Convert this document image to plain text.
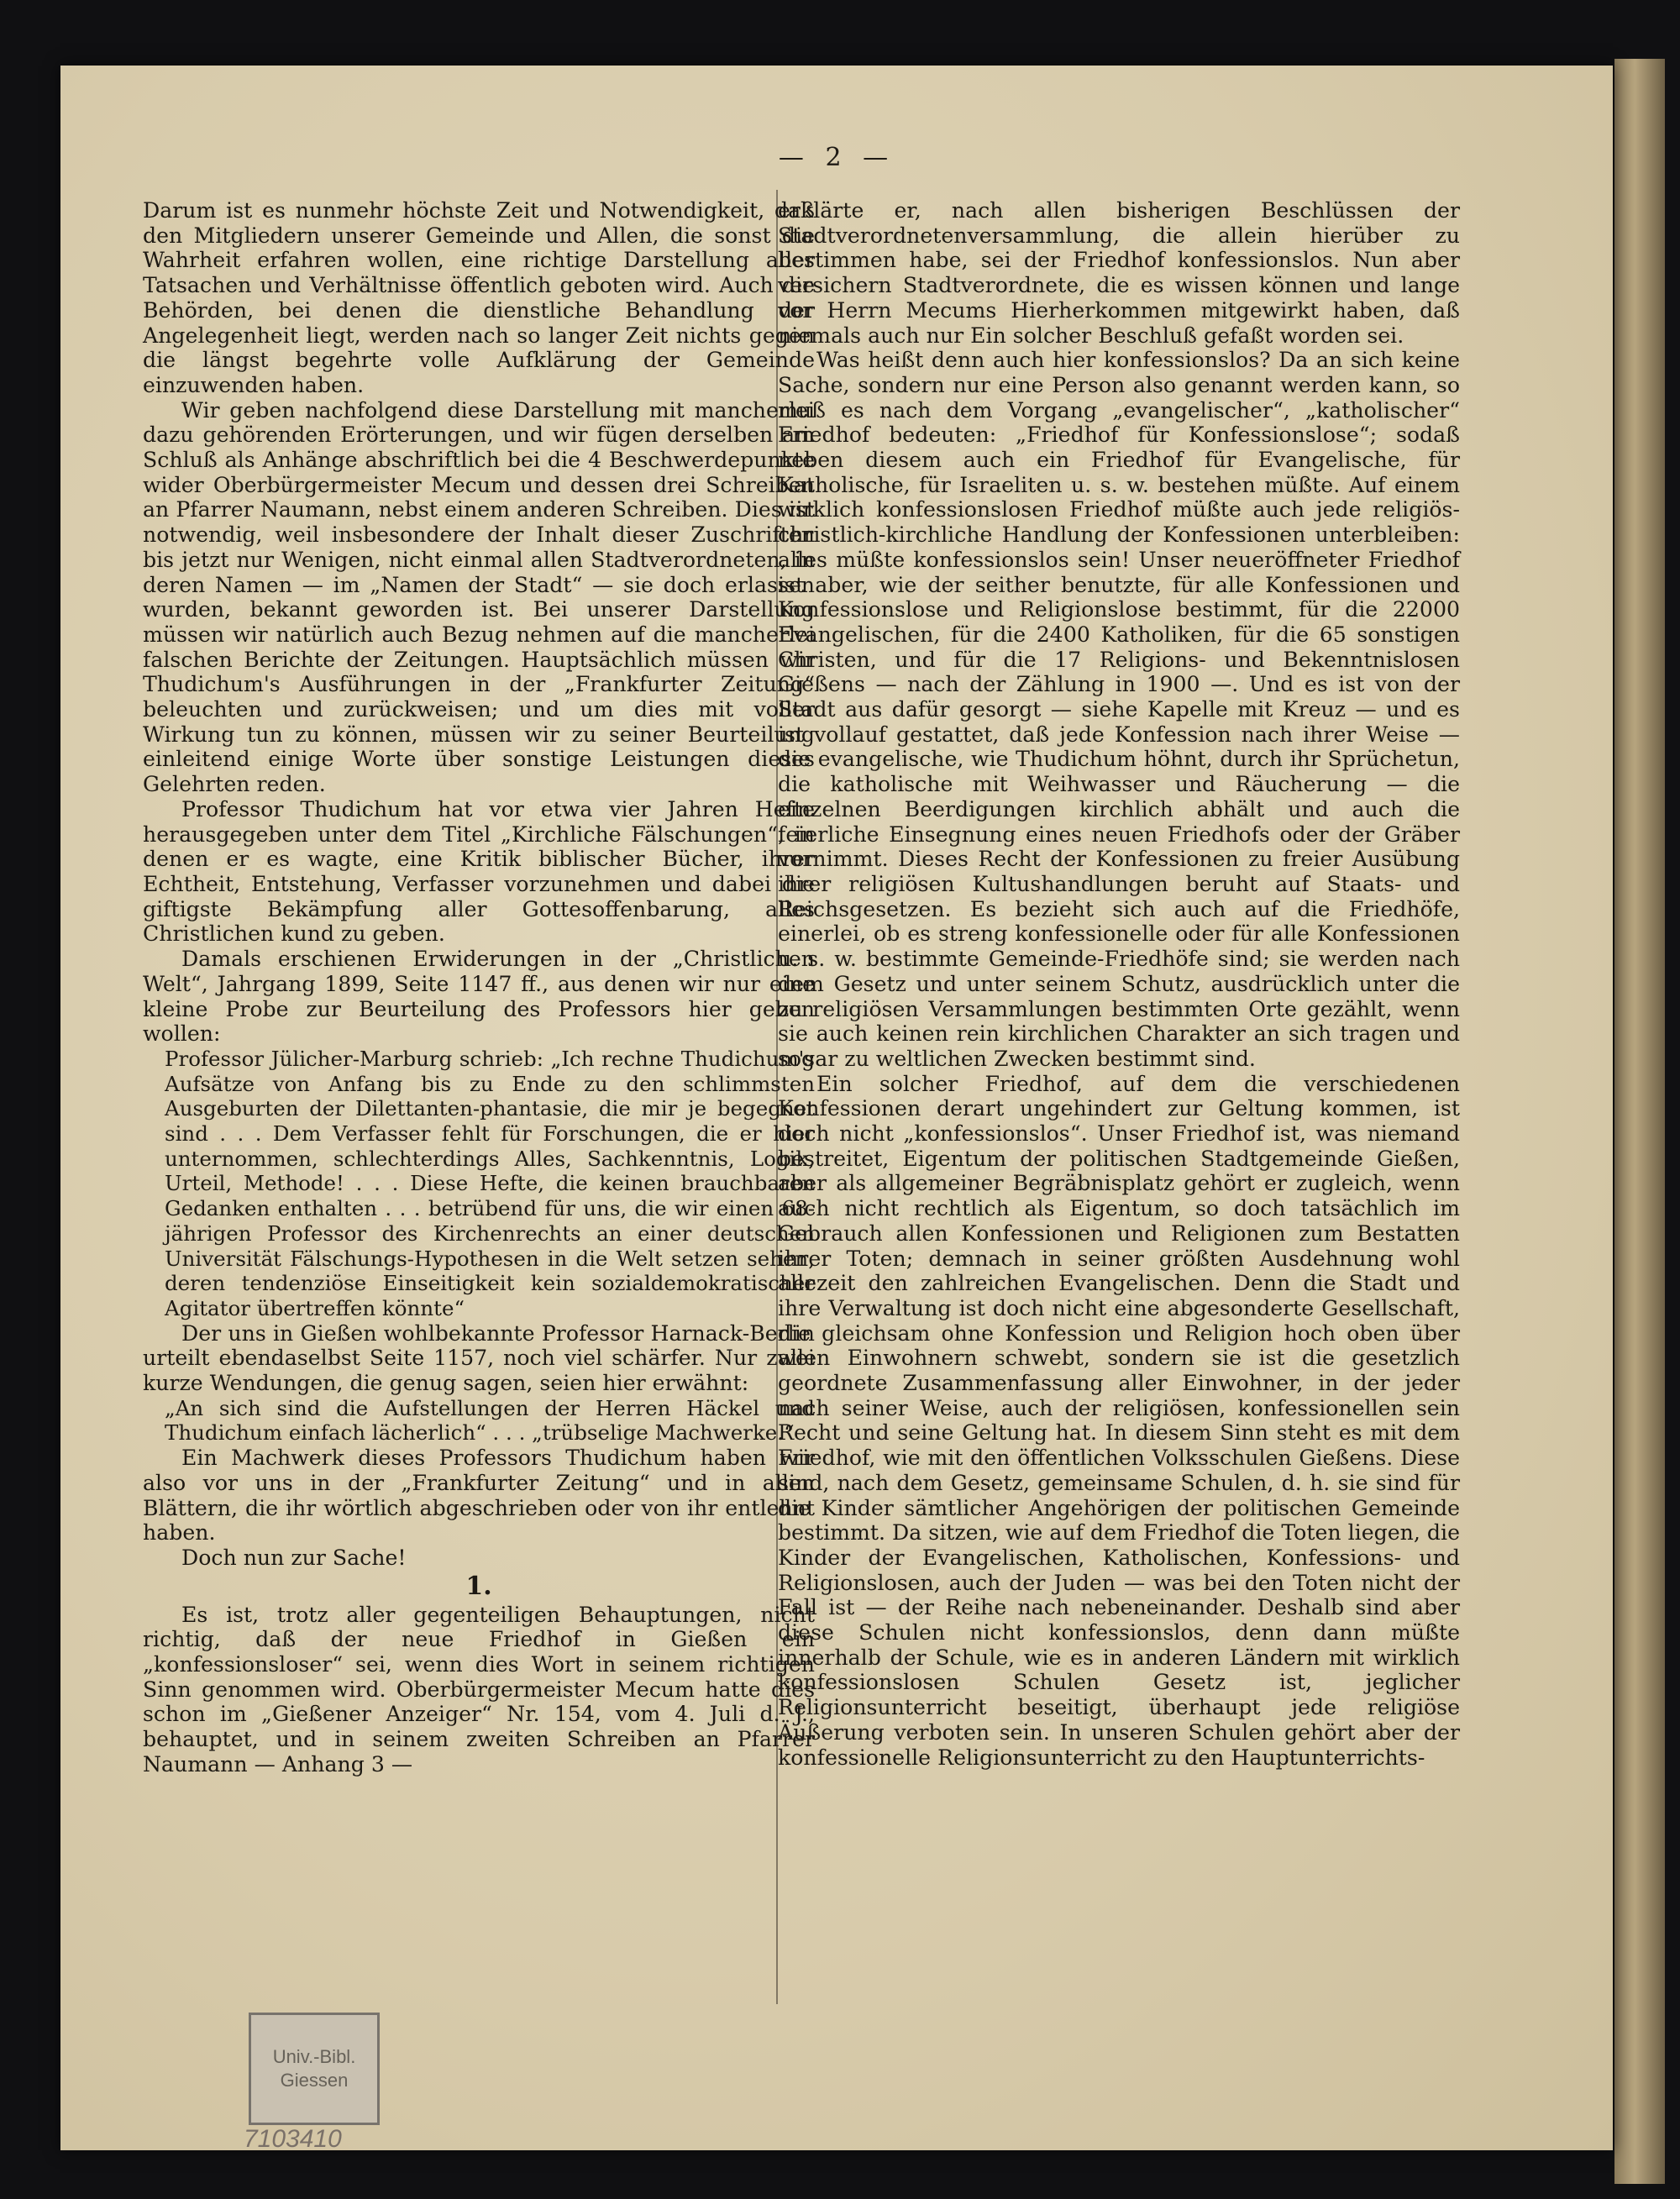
— 2 —

Darum ist es nunmehr höchste Zeit und Notwendigkeit, daß den Mitgliedern unserer Gemeinde und Allen, die sonst die Wahrheit erfahren wollen, eine richtige Darstellung aller Tatsachen und Verhältnisse öffentlich geboten wird. Auch die Behörden, bei denen die dienstliche Behandlung der Angelegenheit liegt, werden nach so langer Zeit nichts gegen die längst begehrte volle Aufklärung der Gemeinde einzuwenden haben.

Wir geben nachfolgend diese Darstellung mit mancherlei dazu gehörenden Erörterungen, und wir fügen derselben am Schluß als Anhänge abschriftlich bei die 4 Beschwerdepunkte wider Oberbürgermeister Mecum und dessen drei Schreiben an Pfarrer Naumann, nebst einem anderen Schreiben. Dies ist notwendig, weil insbesondere der Inhalt dieser Zuschriften bis jetzt nur Wenigen, nicht einmal allen Stadtverordneten, in deren Namen — im „Namen der Stadt“ — sie doch erlassen wurden, bekannt geworden ist. Bei unserer Darstellung müssen wir natürlich auch Bezug nehmen auf die mancherlei falschen Berichte der Zeitungen. Hauptsächlich müssen wir Thudichum's Ausführungen in der „Frankfurter Zeitung“ beleuchten und zurückweisen; und um dies mit voller Wirkung tun zu können, müssen wir zu seiner Beurteilung einleitend einige Worte über sonstige Leistungen dieses Gelehrten reden.

Professor Thudichum hat vor etwa vier Jahren Hefte herausgegeben unter dem Titel „Kirchliche Fälschungen“, in denen er es wagte, eine Kritik biblischer Bücher, ihrer Echtheit, Entstehung, Verfasser vorzunehmen und dabei die giftigste Bekämpfung aller Gottesoffenbarung, alles Christlichen kund zu geben.

Damals erschienen Erwiderungen in der „Christlichen Welt“, Jahrgang 1899, Seite 1147 ff., aus denen wir nur eine kleine Probe zur Beurteilung des Professors hier geben wollen:

Professor Jülicher-Marburg schrieb: „Ich rechne Thudichum's Aufsätze von Anfang bis zu Ende zu den schlimmsten Ausgeburten der Dilettanten-phantasie, die mir je begegnet sind . . . Dem Verfasser fehlt für Forschungen, die er hier unternommen, schlechterdings Alles, Sachkenntnis, Logik, Urteil, Methode! . . . Diese Hefte, die keinen brauchbaren Gedanken enthalten . . . betrübend für uns, die wir einen 68-jährigen Professor des Kirchenrechts an einer deutschen Universität Fälschungs-Hypothesen in die Welt setzen sehen, deren tendenziöse Einseitigkeit kein sozialdemokratischer Agitator übertreffen könnte“

Der uns in Gießen wohlbekannte Professor Harnack-Berlin urteilt ebendaselbst Seite 1157, noch viel schärfer. Nur zwei kurze Wendungen, die genug sagen, seien hier erwähnt:

„An sich sind die Aufstellungen der Herren Häckel und Thudichum einfach lächerlich“ . . . „trübselige Machwerke.“

Ein Machwerk dieses Professors Thudichum haben wir also vor uns in der „Frankfurter Zeitung“ und in allen Blättern, die ihr wörtlich abgeschrieben oder von ihr entlehnt haben.

Doch nun zur Sache!

1.

Es ist, trotz aller gegenteiligen Behauptungen, nicht richtig, daß der neue Friedhof in Gießen ein „konfessionsloser“ sei, wenn dies Wort in seinem richtigen Sinn genommen wird. Oberbürgermeister Mecum hatte dies schon im „Gießener Anzeiger“ Nr. 154, vom 4. Juli d. J., behauptet, und in seinem zweiten Schreiben an Pfarrer Naumann — Anhang 3 —

erklärte er, nach allen bisherigen Beschlüssen der Stadtverordnetenversammlung, die allein hierüber zu bestimmen habe, sei der Friedhof konfessionslos. Nun aber versichern Stadtverordnete, die es wissen können und lange vor Herrn Mecums Hierherkommen mitgewirkt haben, daß niemals auch nur Ein solcher Beschluß gefaßt worden sei.

Was heißt denn auch hier konfessionslos? Da an sich keine Sache, sondern nur eine Person also genannt werden kann, so muß es nach dem Vorgang „evangelischer“, „katholischer“ Friedhof bedeuten: „Friedhof für Konfessionslose“; sodaß neben diesem auch ein Friedhof für Evangelische, für Katholische, für Israeliten u. s. w. bestehen müßte. Auf einem wirklich konfessionslosen Friedhof müßte auch jede religiös-christlich-kirchliche Handlung der Konfessionen unterbleiben: alles müßte konfessionslos sein! Unser neueröffneter Friedhof ist aber, wie der seither benutzte, für alle Konfessionen und Konfessionslose und Religionslose bestimmt, für die 22000 Evangelischen, für die 2400 Katholiken, für die 65 sonstigen Christen, und für die 17 Religions- und Bekenntnislosen Gießens — nach der Zählung in 1900 —. Und es ist von der Stadt aus dafür gesorgt — siehe Kapelle mit Kreuz — und es ist vollauf gestattet, daß jede Konfession nach ihrer Weise — die evangelische, wie Thudichum höhnt, durch ihr Sprüchetun, die katholische mit Weihwasser und Räucherung — die einzelnen Beerdigungen kirchlich abhält und auch die feierliche Einsegnung eines neuen Friedhofs oder der Gräber vornimmt. Dieses Recht der Konfessionen zu freier Ausübung ihrer religiösen Kultushandlungen beruht auf Staats- und Reichsgesetzen. Es bezieht sich auch auf die Friedhöfe, einerlei, ob es streng konfessionelle oder für alle Konfessionen u. s. w. bestimmte Gemeinde-Friedhöfe sind; sie werden nach dem Gesetz und unter seinem Schutz, ausdrücklich unter die zu religiösen Versammlungen bestimmten Orte gezählt, wenn sie auch keinen rein kirchlichen Charakter an sich tragen und sogar zu weltlichen Zwecken bestimmt sind.

Ein solcher Friedhof, auf dem die verschiedenen Konfessionen derart ungehindert zur Geltung kommen, ist doch nicht „konfessionslos“. Unser Friedhof ist, was niemand bestreitet, Eigentum der politischen Stadtgemeinde Gießen, aber als allgemeiner Begräbnisplatz gehört er zugleich, wenn auch nicht rechtlich als Eigentum, so doch tatsächlich im Gebrauch allen Konfessionen und Religionen zum Bestatten ihrer Toten; demnach in seiner größten Ausdehnung wohl allezeit den zahlreichen Evangelischen. Denn die Stadt und ihre Verwaltung ist doch nicht eine abgesonderte Gesellschaft, die gleichsam ohne Konfession und Religion hoch oben über allen Einwohnern schwebt, sondern sie ist die gesetzlich geordnete Zusammenfassung aller Einwohner, in der jeder nach seiner Weise, auch der religiösen, konfessionellen sein Recht und seine Geltung hat. In diesem Sinn steht es mit dem Friedhof, wie mit den öffentlichen Volksschulen Gießens. Diese sind, nach dem Gesetz, gemeinsame Schulen, d. h. sie sind für die Kinder sämtlicher Angehörigen der politischen Gemeinde bestimmt. Da sitzen, wie auf dem Friedhof die Toten liegen, die Kinder der Evangelischen, Katholischen, Konfessions- und Religionslosen, auch der Juden — was bei den Toten nicht der Fall ist — der Reihe nach nebeneinander. Deshalb sind aber diese Schulen nicht konfessionslos, denn dann müßte innerhalb der Schule, wie es in anderen Ländern mit wirklich konfessionslosen Schulen Gesetz ist, jeglicher Religionsunterricht beseitigt, überhaupt jede religiöse Äußerung verboten sein. In unseren Schulen gehört aber der konfessionelle Religionsunterricht zu den Hauptunterrichts-

Univ.-Bibl.
Giessen
7103410
